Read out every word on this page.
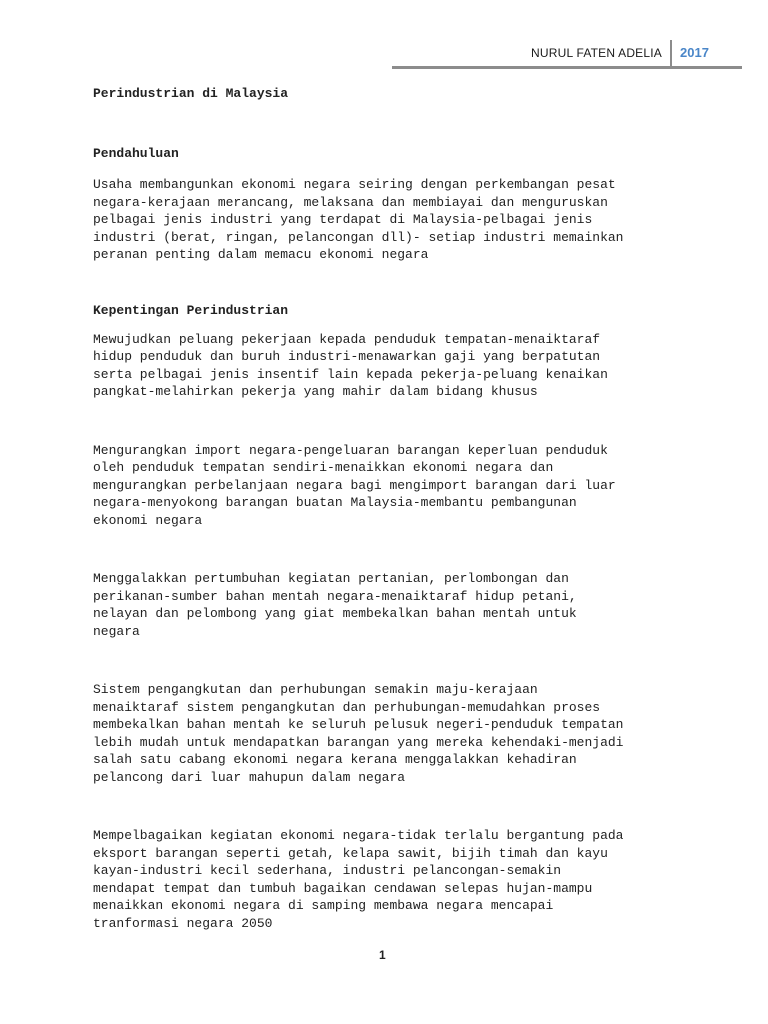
NURUL FATEN ADELIA 2017

Perindustrian di Malaysia

Pendahuluan

Usaha membangunkan ekonomi negara seiring dengan perkembangan pesat
negara-kerajaan merancang, melaksana dan membiayai dan menguruskan
pelbagai jenis industri yang terdapat di Malaysia-pelbagai jenis
industri (berat, ringan, pelancongan dll)- setiap industri memainkan
peranan penting dalam memacu ekonomi negara

Kepentingan Perindustrian

Mewujudkan peluang pekerjaan kepada penduduk tempatan-menaiktaraf
hidup penduduk dan buruh industri-menawarkan gaji yang berpatutan
serta pelbagai jenis insentif lain kepada pekerja-peluang kenaikan
pangkat-melahirkan pekerja yang mahir dalam bidang khusus

Mengurangkan import negara-pengeluaran barangan keperluan penduduk
oleh penduduk tempatan sendiri-menaikkan ekonomi negara dan
mengurangkan perbelanjaan negara bagi mengimport barangan dari luar
negara-menyokong barangan buatan Malaysia-membantu pembangunan
ekonomi negara

Menggalakkan pertumbuhan kegiatan pertanian, perlombongan dan
perikanan-sumber bahan mentah negara-menaiktaraf hidup petani,
nelayan dan pelombong yang giat membekalkan bahan mentah untuk
negara

Sistem pengangkutan dan perhubungan semakin maju-kerajaan
menaiktaraf sistem pengangkutan dan perhubungan-memudahkan proses
membekalkan bahan mentah ke seluruh pelusuk negeri-penduduk tempatan
lebih mudah untuk mendapatkan barangan yang mereka kehendaki-menjadi
salah satu cabang ekonomi negara kerana menggalakkan kehadiran
pelancong dari luar mahupun dalam negara

Mempelbagaikan kegiatan ekonomi negara-tidak terlalu bergantung pada
eksport barangan seperti getah, kelapa sawit, bijih timah dan kayu
kayan-industri kecil sederhana, industri pelancongan-semakin
mendapat tempat dan tumbuh bagaikan cendawan selepas hujan-mampu
menaikkan ekonomi negara di samping membawa negara mencapai
tranformasi negara 2050

1
